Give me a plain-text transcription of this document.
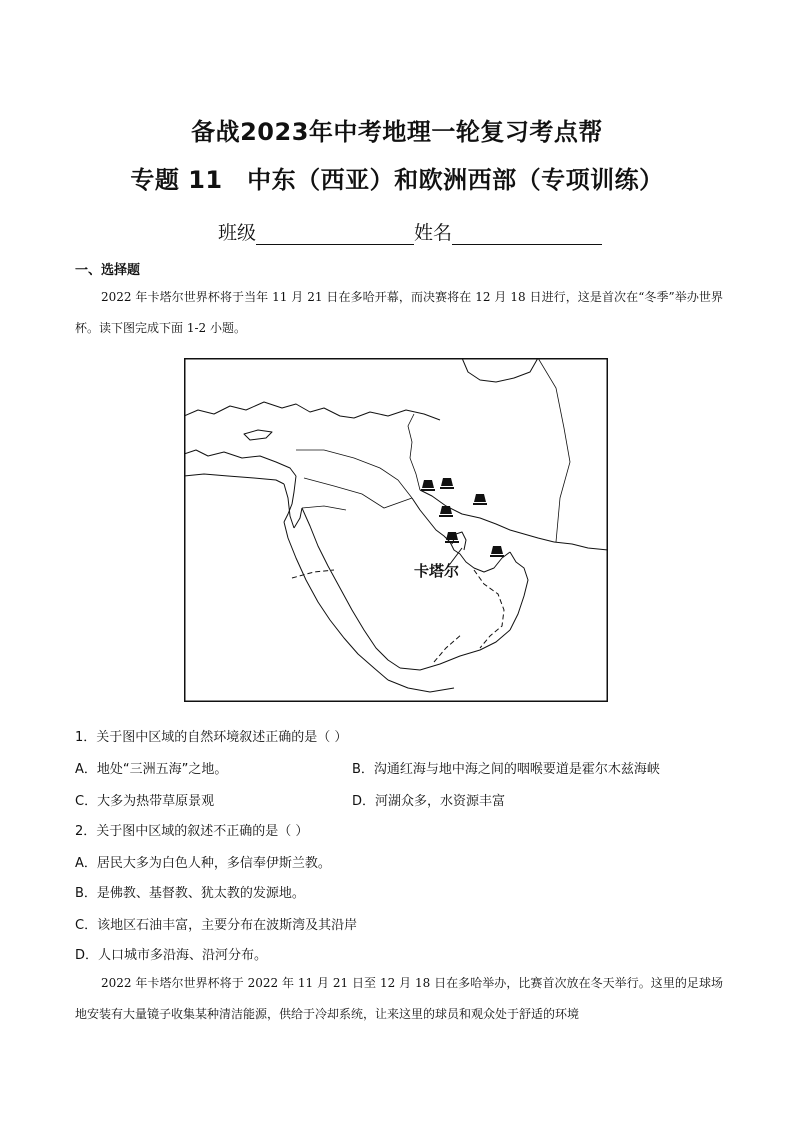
备战2023年中考地理一轮复习考点帮
专题 11　中东（西亚）和欧洲西部（专项训练）
班级	姓名
一、选择题
2022 年卡塔尔世界杯将于当年 11 月 21 日在多哈开幕，而决赛将在 12 月 18 日进行，这是首次在“冬季”举办世界杯。读下图完成下面 1-2 小题。
卡塔尔
1．关于图中区域的自然环境叙述正确的是（ ）
A．地处“三洲五海”之地。	B．沟通红海与地中海之间的咽喉要道是霍尔木兹海峡
C．大多为热带草原景观	D．河湖众多，水资源丰富
2．关于图中区域的叙述不正确的是（ ）
A．居民大多为白色人种，多信奉伊斯兰教。
B．是佛教、基督教、犹太教的发源地。
C．该地区石油丰富，主要分布在波斯湾及其沿岸
D．人口城市多沿海、沿河分布。
2022 年卡塔尔世界杯将于 2022 年 11 月 21 日至 12 月 18 日在多哈举办，比赛首次放在冬天举行。这里的足球场地安装有大量镜子收集某种清洁能源，供给于冷却系统，让来这里的球员和观众处于舒适的环境
